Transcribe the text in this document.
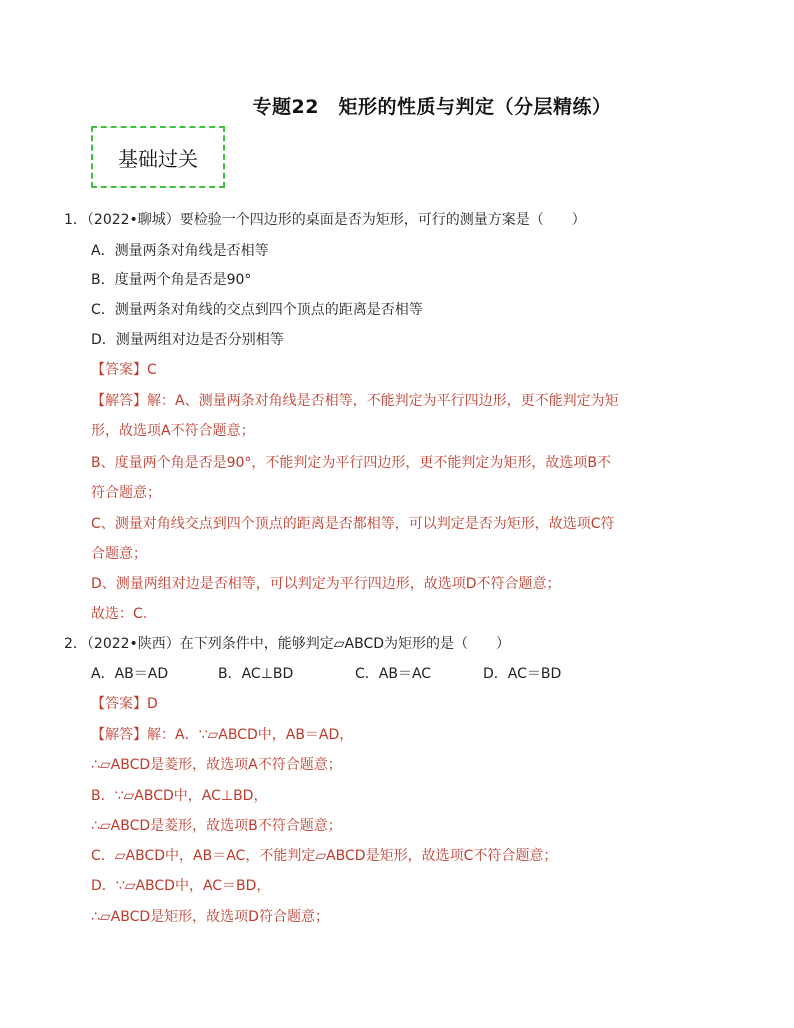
专题22　矩形的性质与判定（分层精练）
基础过关
1．（2022•聊城）要检验一个四边形的桌面是否为矩形，可行的测量方案是（　　）
A．测量两条对角线是否相等
B．度量两个角是否是90°
C．测量两条对角线的交点到四个顶点的距离是否相等
D．测量两组对边是否分别相等
【答案】C
【解答】解：A、测量两条对角线是否相等，不能判定为平行四边形，更不能判定为矩
形，故选项A不符合题意；
B、度量两个角是否是90°，不能判定为平行四边形，更不能判定为矩形，故选项B不
符合题意；
C、测量对角线交点到四个顶点的距离是否都相等，可以判定是否为矩形，故选项C符
合题意；
D、测量两组对边是否相等，可以判定为平行四边形，故选项D不符合题意；
故选：C.
2．（2022•陕西）在下列条件中，能够判定▱ABCD为矩形的是（　　）
A．AB＝AD	B．AC⊥BD	C．AB＝AC	D．AC＝BD
【答案】D
【解答】解：A．∵▱ABCD中，AB＝AD，
∴▱ABCD是菱形，故选项A不符合题意；
B．∵▱ABCD中，AC⊥BD，
∴▱ABCD是菱形，故选项B不符合题意；
C．▱ABCD中，AB＝AC，不能判定▱ABCD是矩形，故选项C不符合题意；
D．∵▱ABCD中，AC＝BD，
∴▱ABCD是矩形，故选项D符合题意；
